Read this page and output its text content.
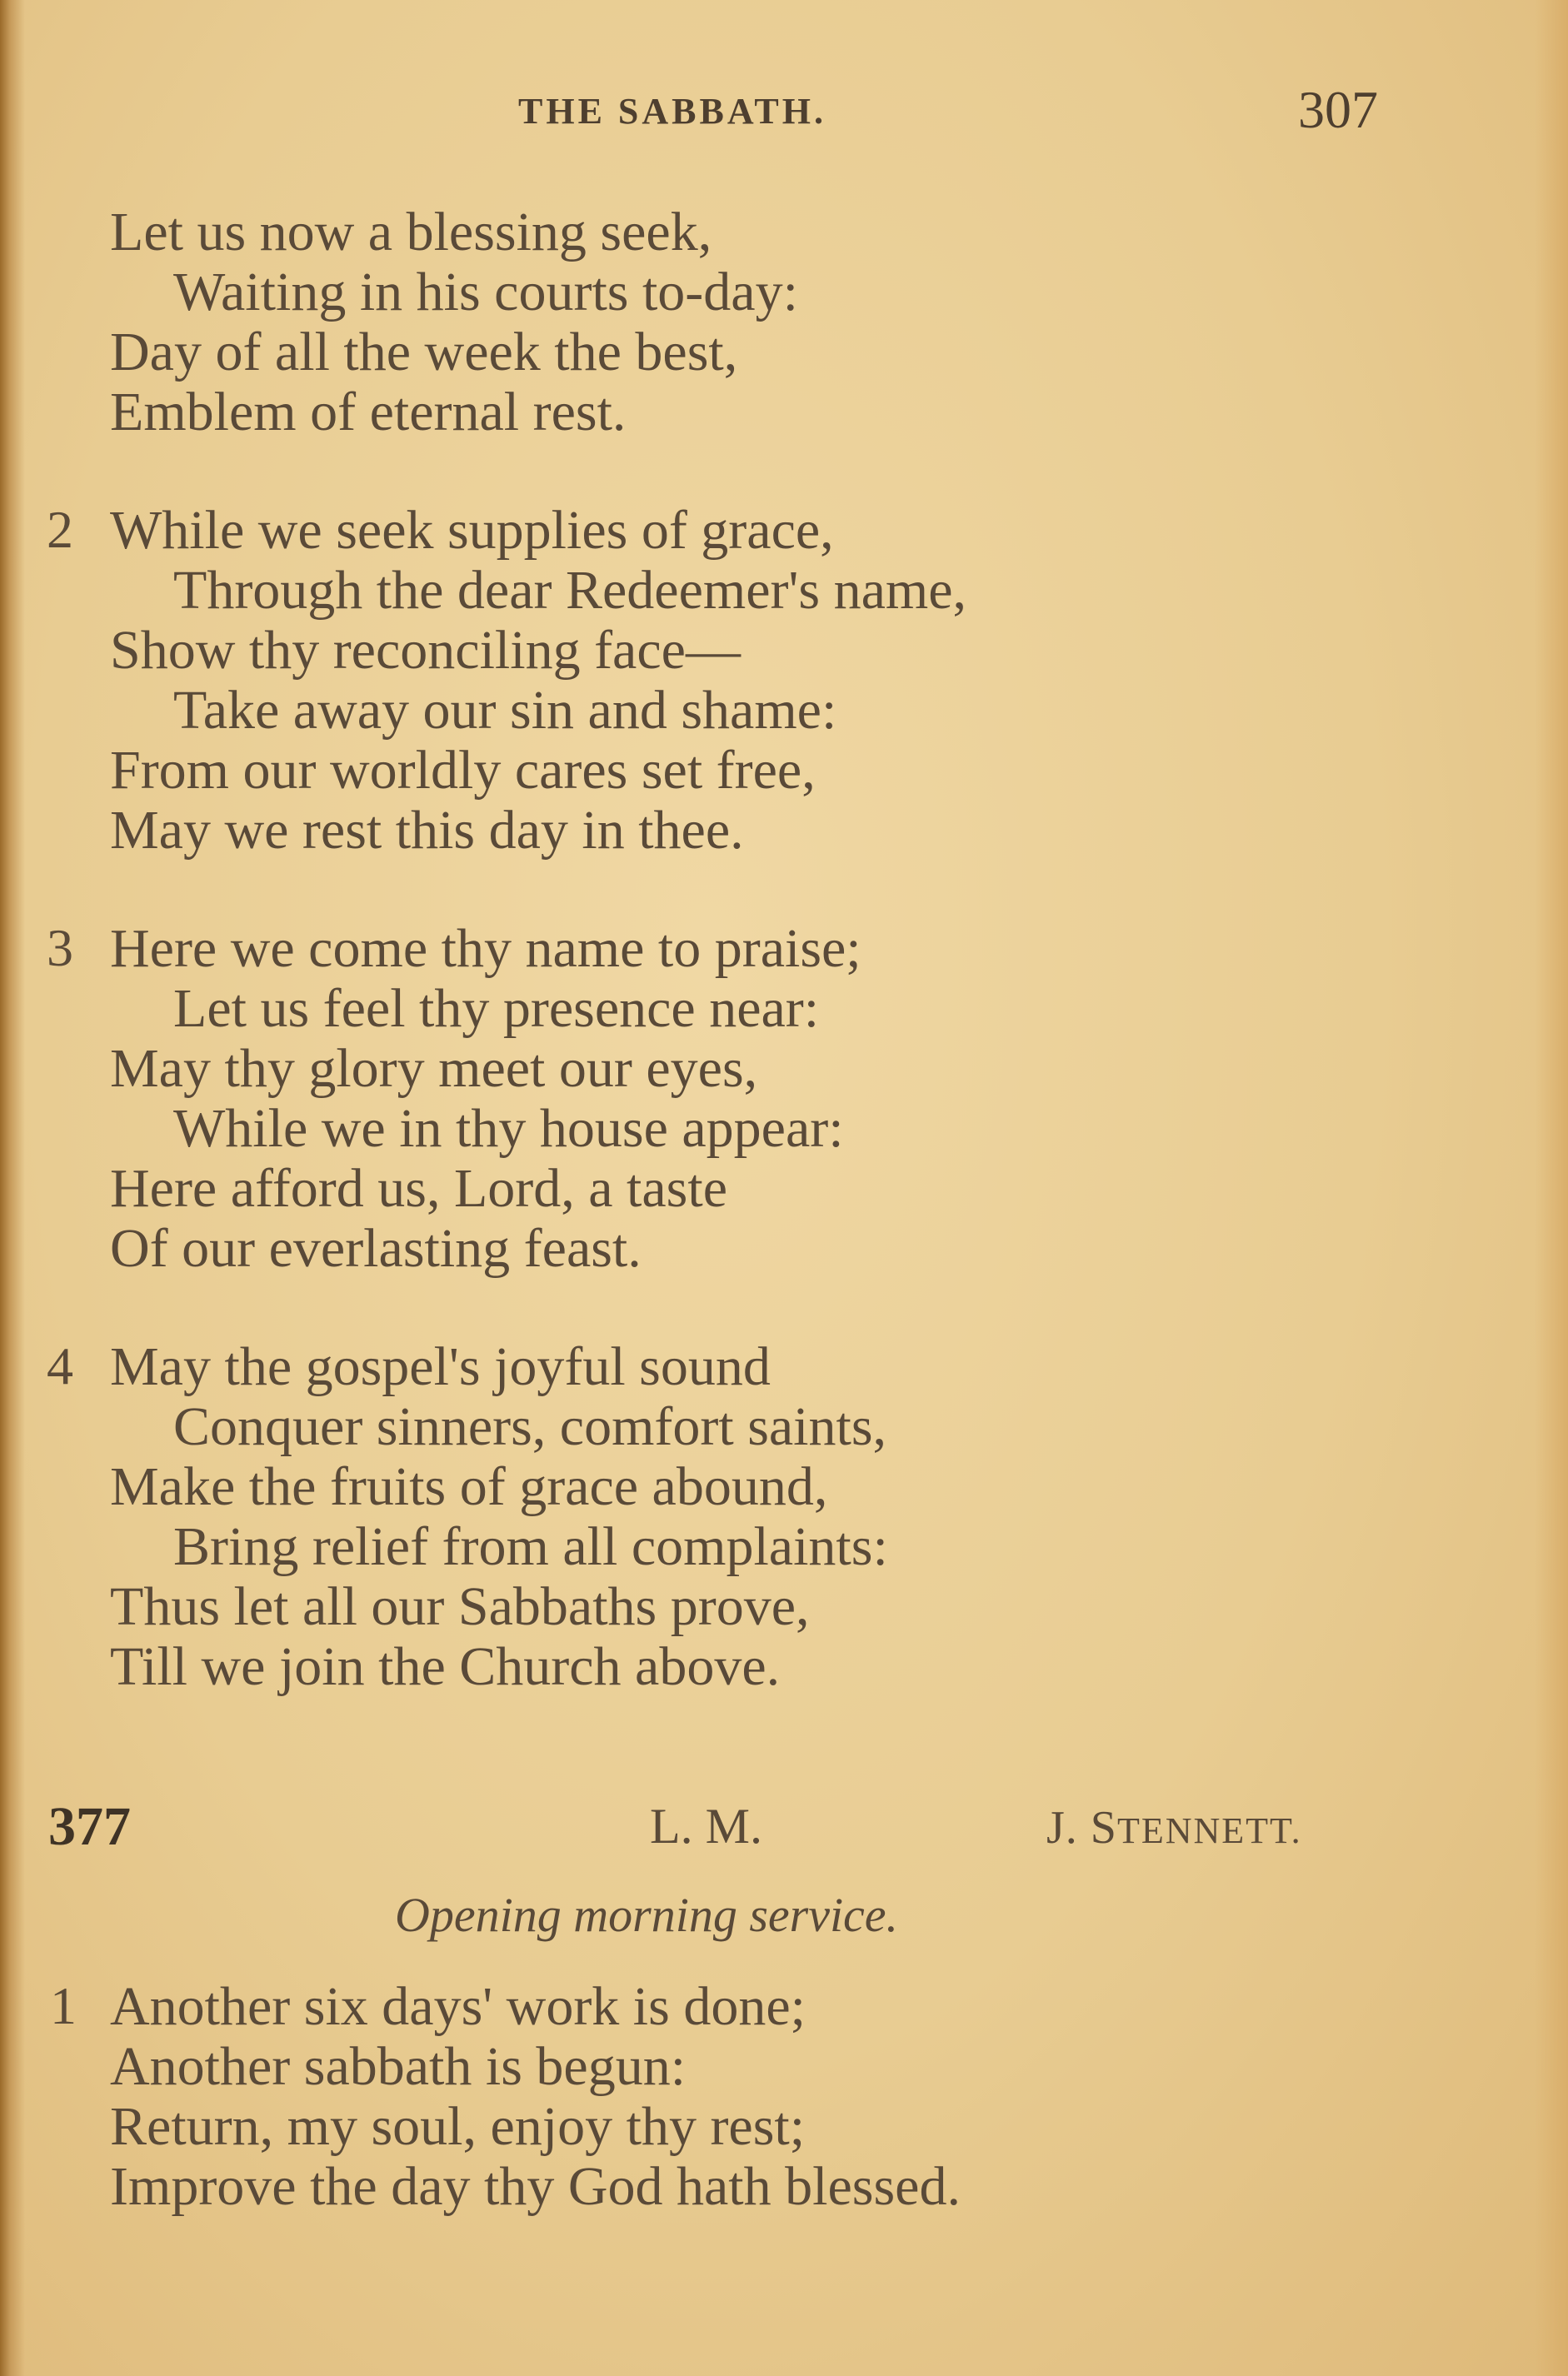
THE SABBATH.	307
Let us now a blessing seek,
Waiting in his courts to-day:
Day of all the week the best,
Emblem of eternal rest.
2 While we seek supplies of grace,
Through the dear Redeemer's name,
Show thy reconciling face—
Take away our sin and shame:
From our worldly cares set free,
May we rest this day in thee.
3 Here we come thy name to praise;
Let us feel thy presence near:
May thy glory meet our eyes,
While we in thy house appear:
Here afford us, Lord, a taste
Of our everlasting feast.
4 May the gospel's joyful sound
Conquer sinners, comfort saints,
Make the fruits of grace abound,
Bring relief from all complaints:
Thus let all our Sabbaths prove,
Till we join the Church above.
377	L. M.	J. STENNETT.
Opening morning service.
1 Another six days' work is done;
Another sabbath is begun:
Return, my soul, enjoy thy rest;
Improve the day thy God hath blessed.
